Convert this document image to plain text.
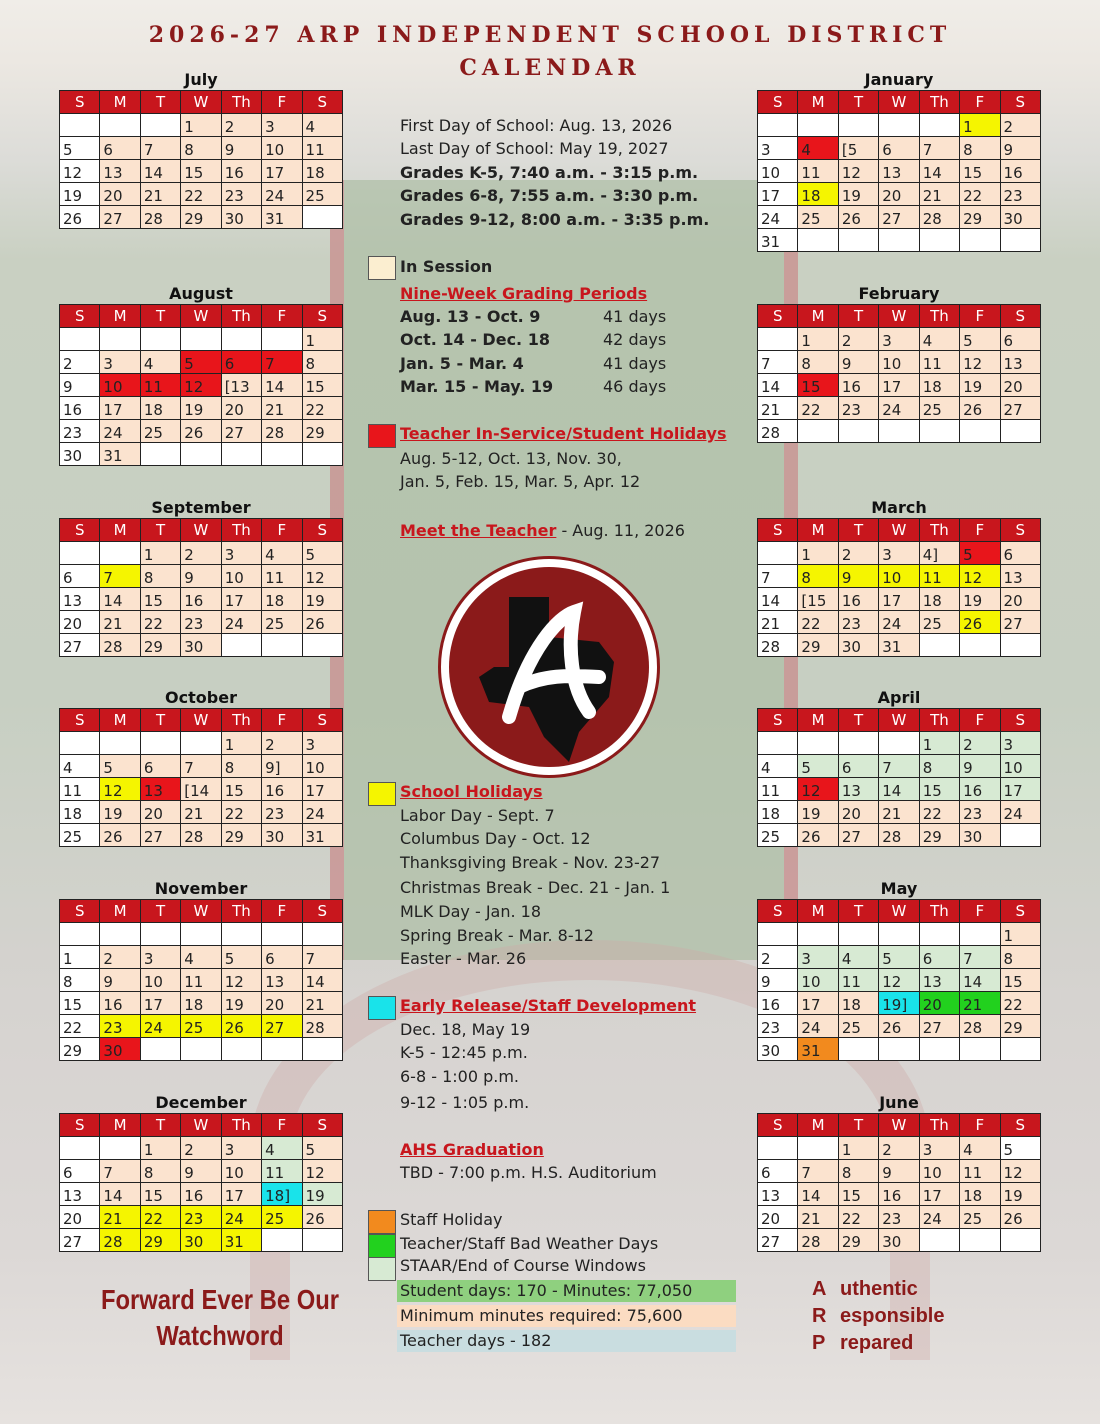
2026-27 ARP INDEPENDENT SCHOOL DISTRICT
CALENDAR
July
S	M	T	W	Th	F	S
			1	2	3	4
5	6	7	8	9	10	11
12	13	14	15	16	17	18
19	20	21	22	23	24	25
26	27	28	29	30	31	
August
S	M	T	W	Th	F	S
						1
2	3	4	5	6	7	8
9	10	11	12	[13	14	15
16	17	18	19	20	21	22
23	24	25	26	27	28	29
30	31					
September
S	M	T	W	Th	F	S
		1	2	3	4	5
6	7	8	9	10	11	12
13	14	15	16	17	18	19
20	21	22	23	24	25	26
27	28	29	30			
October
S	M	T	W	Th	F	S
				1	2	3
4	5	6	7	8	9]	10
11	12	13	[14	15	16	17
18	19	20	21	22	23	24
25	26	27	28	29	30	31
November
S	M	T	W	Th	F	S

1	2	3	4	5	6	7
8	9	10	11	12	13	14
15	16	17	18	19	20	21
22	23	24	25	26	27	28
29	30					
December
S	M	T	W	Th	F	S
		1	2	3	4	5
6	7	8	9	10	11	12
13	14	15	16	17	18]	19
20	21	22	23	24	25	26
27	28	29	30	31		
January
S	M	T	W	Th	F	S
					1	2
3	4	[5	6	7	8	9
10	11	12	13	14	15	16
17	18	19	20	21	22	23
24	25	26	27	28	29	30
31						
February
S	M	T	W	Th	F	S
	1	2	3	4	5	6
7	8	9	10	11	12	13
14	15	16	17	18	19	20
21	22	23	24	25	26	27
28						
March
S	M	T	W	Th	F	S
	1	2	3	4]	5	6
7	8	9	10	11	12	13
14	[15	16	17	18	19	20
21	22	23	24	25	26	27
28	29	30	31			
April
S	M	T	W	Th	F	S
				1	2	3
4	5	6	7	8	9	10
11	12	13	14	15	16	17
18	19	20	21	22	23	24
25	26	27	28	29	30	
May
S	M	T	W	Th	F	S
						1
2	3	4	5	6	7	8
9	10	11	12	13	14	15
16	17	18	19]	20	21	22
23	24	25	26	27	28	29
30	31					
June
S	M	T	W	Th	F	S
		1	2	3	4	5
6	7	8	9	10	11	12
13	14	15	16	17	18	19
20	21	22	23	24	25	26
27	28	29	30			
First Day of School: Aug. 13, 2026
Last Day of School: May 19, 2027
Grades K-5, 7:40 a.m. - 3:15 p.m.
Grades 6-8, 7:55 a.m. - 3:30 p.m.
Grades 9-12, 8:00 a.m. - 3:35 p.m.
In Session
Nine-Week Grading Periods
Aug. 13 - Oct. 9	41 days
Oct. 14 - Dec. 18	42 days
Jan. 5 - Mar. 4	41 days
Mar. 15 - May. 19	46 days
Teacher In-Service/Student Holidays
Aug. 5-12, Oct. 13, Nov. 30,
Jan. 5, Feb. 15, Mar. 5, Apr. 12
Meet the Teacher - Aug. 11, 2026
School Holidays
Labor Day - Sept. 7
Columbus Day - Oct. 12
Thanksgiving Break - Nov. 23-27
Christmas Break - Dec. 21 - Jan. 1
MLK Day - Jan. 18
Spring Break - Mar. 8-12
Easter - Mar. 26
Early Release/Staff Development
Dec. 18, May 19
K-5 - 12:45 p.m.
6-8 - 1:00 p.m.
9-12 - 1:05 p.m.
AHS Graduation
TBD - 7:00 p.m. H.S. Auditorium
Staff Holiday
Teacher/Staff Bad Weather Days
STAAR/End of Course Windows
Student days: 170 - Minutes: 77,050
Minimum minutes required: 75,600
Teacher days - 182
Forward Ever Be Our
Watchword
A uthentic
R esponsible
P repared
